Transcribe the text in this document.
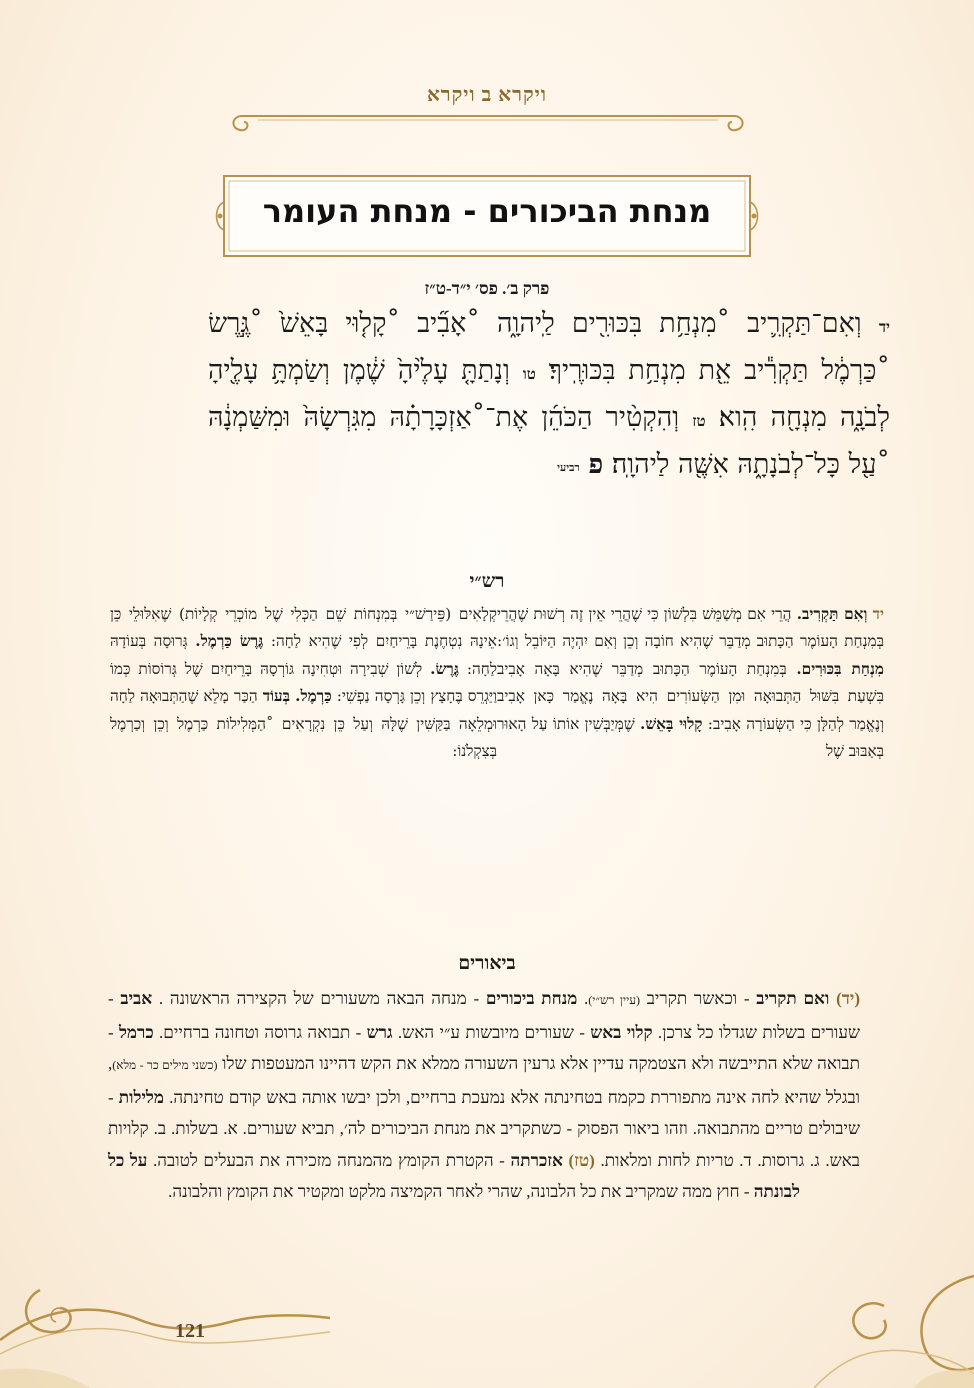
ויקרא ב ויקרא
מנחת הביכורים - מנחת העומר
פרק ב׳. פס׳ י״ד-ט״ז
יד וְאִם־תַּקְרִ֛יב ˚מִנְחַ֥ת בִּכּוּרִ֖ים לַֽיהוָ֑ה ˚אָבִ֞יב ˚קָל֤וּי בָּאֵשׁ֙ ˚גֶּ֣רֶשׂ ˚כַּרְמֶ֔ל תַּקְרִ֕יב אֵ֖ת מִנְחַ֥ת בִּכּוּרֶֽיךָ׃ טו וְנָתַתָּ֤ עָלֶ֙יהָ֙ שֶׁ֔מֶן וְשַׂמְתָּ֥ עָלֶ֖יהָ לְבֹנָ֑ה מִנְחָ֖ה הִֽוא׃ טז וְהִקְטִ֨יר הַכֹּהֵ֜ן אֶת־˚אַזְכָּרָתָ֗הּ מִגִּרְשָׂהּ֙ וּמִשַּׁמְנָ֔הּ ˚עַ֖ל כָּל־לְבֹנָתָ֑הּ אִשֶּׁ֖ה לַיהוָֽה׃ פ רביעי
רש״י
יד וְאִם תַּקְרִיב. הֲרֵי אִם מְשַׁמֵּשׁ בִּלְשׁוֹן כִּי שֶׁהֲרֵי אֵין זֶה רְשׁוּת שֶׁהֲרֵי בְּמִנְחַת הָעוֹמֶר הַכָּתוּב מְדַבֵּר שֶׁהִיא חוֹבָה וְכֵן וְאִם יִהְיֶה הַיּוֹבֵל וְגוֹ׳: מִנְחַת בִּכּוּרִים. בְּמִנְחַת הָעוֹמֶר הַכָּתוּב מְדַבֵּר שֶׁהִיא בָּאָה אָבִיב בִּשְׁעַת בִּשּׁוּל הַתְּבוּאָה וּמִן הַשְּׂעוֹרִים הִיא בָּאָה נֶאֱמַר כָּאן אָבִיב וְנֶאֱמַר לְהַלָּן כִּי הַשְּׂעוֹרָה אָבִיב: קָלוּי בָּאֵשׁ. שֶׁמְּיַבְּשִׁין אוֹתוֹ עַל הָאוּר בְּאַבּוּב שֶׁל
קְלָאִים (פֵּירַשׁ״י בְּמִנְחוֹת שֵׁם הַכְּלִי שֶׁל מוֹכְרֵי קְלָיוֹת) שֶׁאִלּוּלֵי כֵּן אֵינָהּ נִטְחֶנֶת בָּרֵיחַיִם לְפִי שֶׁהִיא לַחָה: גֶּרֶשׂ כַּרְמֶל. גְּרוּסָה בְּעוֹדָהּ לַחָה: גֶּרֶשׂ. לְשׁוֹן שְׁבִירָה וּטְחִינָה גּוֹרְסָהּ בָּרֵיחַיִם שֶׁל גְּרוֹסוֹת כְּמוֹ וַיַּגְרֵס בֶּחָצָץ וְכֵן גָּרְסָה נַפְשִׁי: כַּרְמֶל. בְּעוֹד הַכַּר מָלֵא שֶׁהַתְּבוּאָה לַחָה וּמְלֵאָה בַּקַּשִּׁין שֶׁלָּהּ וְעַל כֵּן נִקְרָאִים ˚הַמְּלִילוֹת כַּרְמֶל וְכֵן וְכַרְמֶל בְּצִקְלֹנוֹ:
ביאורים
(יד) ואם תקריב - וכאשר תקריב (עיין רש״י). מנחת ביכורים - מנחה הבאה משעורים של הקצירה הראשונה . אביב - שעורים בשלות שגדלו כל צרכן. קלוי באש - שעורים מיובשות ע״י האש. גרש - תבואה גרוסה וטחונה ברחיים. כרמל - תבואה שלא התייבשה ולא הצטמקה עדיין אלא גרעין השעורה ממלא את הקש דהיינו המעטפות שלו (כשני מילים כר - מלא), ובגלל שהיא לחה אינה מתפוררת כקמח בטחינתה אלא נמעכת ברחיים, ולכן יבשו אותה באש קודם טחינתה. מלילות - שיבולים טריים מהתבואה. וזהו ביאור הפסוק - כשתקריב את מנחת הביכורים לה׳, תביא שעורים. א. בשלות. ב. קלויות באש. ג. גרוסות. ד. טריות לחות ומלאות. (טז) אזכרתה - הקטרת הקומץ מהמנחה מזכירה את הבעלים לטובה. על כל לבונתה - חוץ ממה שמקריב את כל הלבונה, שהרי לאחר הקמיצה מלקט ומקטיר את הקומץ והלבונה.
121
